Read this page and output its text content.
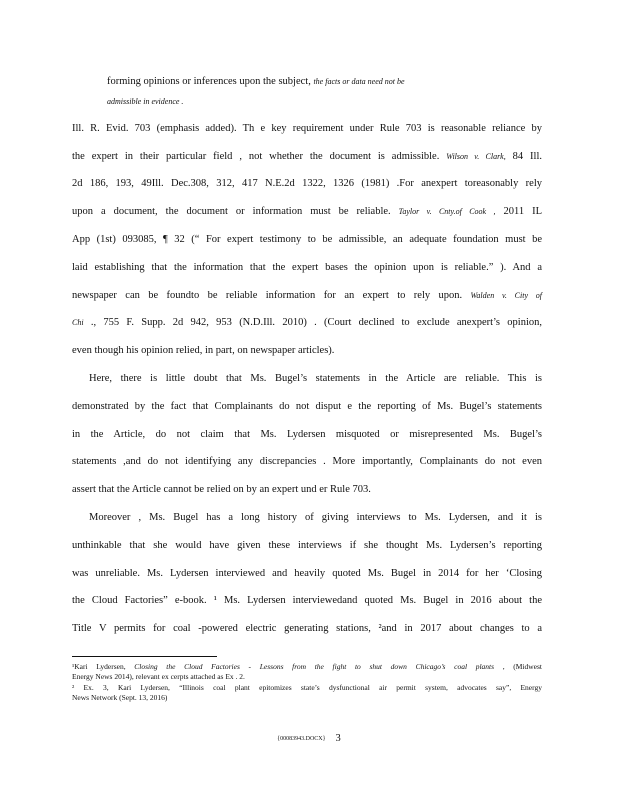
forming opinions or inferences upon the subject, the facts or data need not be
admissible in evidence .
Ill. R. Evid. 703 (emphasis added). Th e key requirement under Rule 703 is reasonable reliance by
the expert in their particular field , not whether the document is admissible. Wilson v. Clark, 84 Ill.
2d 186, 193, 49Ill. Dec.308, 312, 417 N.E.2d 1322, 1326 (1981) .For anexpert toreasonably rely
upon a document, the document or information must be reliable. Taylor v. Cnty.of Cook , 2011 IL
App (1st) 093085, ¶ 32 (“ For expert testimony to be admissible, an adequate foundation must be
laid establishing that the information that the expert bases the opinion upon is reliable.” ). And a
newspaper can be foundto be reliable information for an expert to rely upon. Walden v. City of
Chi ., 755 F. Supp. 2d 942, 953 (N.D.Ill. 2010) . (Court declined to exclude anexpert’s opinion,
even though his opinion relied, in part, on newspaper articles).
Here, there is little doubt that Ms. Bugel’s statements in the Article are reliable. This is
demonstrated by the fact that Complainants do not disput e the reporting of Ms. Bugel’s statements
in the Article, do not claim that Ms. Lydersen misquoted or misrepresented Ms. Bugel’s
statements ,and do not identifying any discrepancies . More importantly, Complainants do not even
assert that the Article cannot be relied on by an expert und er Rule 703.
Moreover , Ms. Bugel has a long history of giving interviews to Ms. Lydersen, and it is
unthinkable that she would have given these interviews if she thought Ms. Lydersen’s reporting
was unreliable. Ms. Lydersen interviewed and heavily quoted Ms. Bugel in 2014 for her ‘Closing
the Cloud Factories” e-book. ¹ Ms. Lydersen interviewedand quoted Ms. Bugel in 2016 about the
Title V permits for coal -powered electric generating stations, ²and in 2017 about changes to a
¹Kari Lydersen, Closing the Cloud Factories - Lessons from the fight to shut down Chicago’s coal plants , (Midwest
Energy News 2014), relevant ex cerpts attached as Ex . 2.
² Ex. 3, Kari Lydersen, “Illinois coal plant epitomizes state’s dysfunctional air permit system, advocates say”, Energy
News Network (Sept. 13, 2016)
{00083943.DOCX} 3
